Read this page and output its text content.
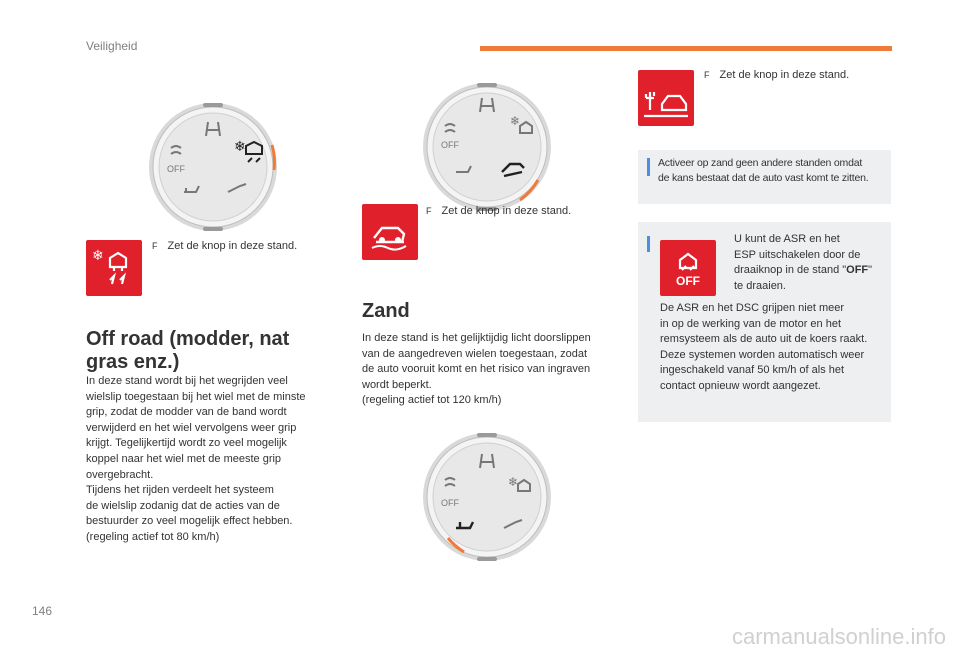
Veiligheid
OFF
❄
❄
F Zet de knop in deze stand.
Off road (modder, nat gras enz.)

In deze stand wordt bij het wegrijden veel
wielslip toegestaan bij het wiel met de minste
grip, zodat de modder van de band wordt
verwijderd en het wiel vervolgens weer grip
krijgt. Tegelijkertijd wordt zo veel mogelijk
koppel naar het wiel met de meeste grip
overgebracht.
Tijdens het rijden verdeelt het systeem
de wielslip zodanig dat de acties van de
bestuurder zo veel mogelijk effect hebben.
(regeling actief tot 80 km/h)

OFF
❄
F Zet de knop in deze stand.
Zand

In deze stand is het gelijktijdig licht doorslippen
van de aangedreven wielen toegestaan, zodat
de auto vooruit komt en het risico van ingraven
wordt beperkt.
(regeling actief tot 120 km/h)

OFF
❄
F Zet de knop in deze stand.

Activeer op zand geen andere standen omdat
de kans bestaat dat de auto vast komt te zitten.

OFF
U kunt de ASR en het
ESP uitschakelen door de
draaiknop in de stand "OFF"
te draaien.

De ASR en het DSC grijpen niet meer
in op de werking van de motor en het
remsysteem als de auto uit de koers raakt.
Deze systemen worden automatisch weer
ingeschakeld vanaf 50 km/h of als het
contact opnieuw wordt aangezet.

146
carmanualsonline.info
